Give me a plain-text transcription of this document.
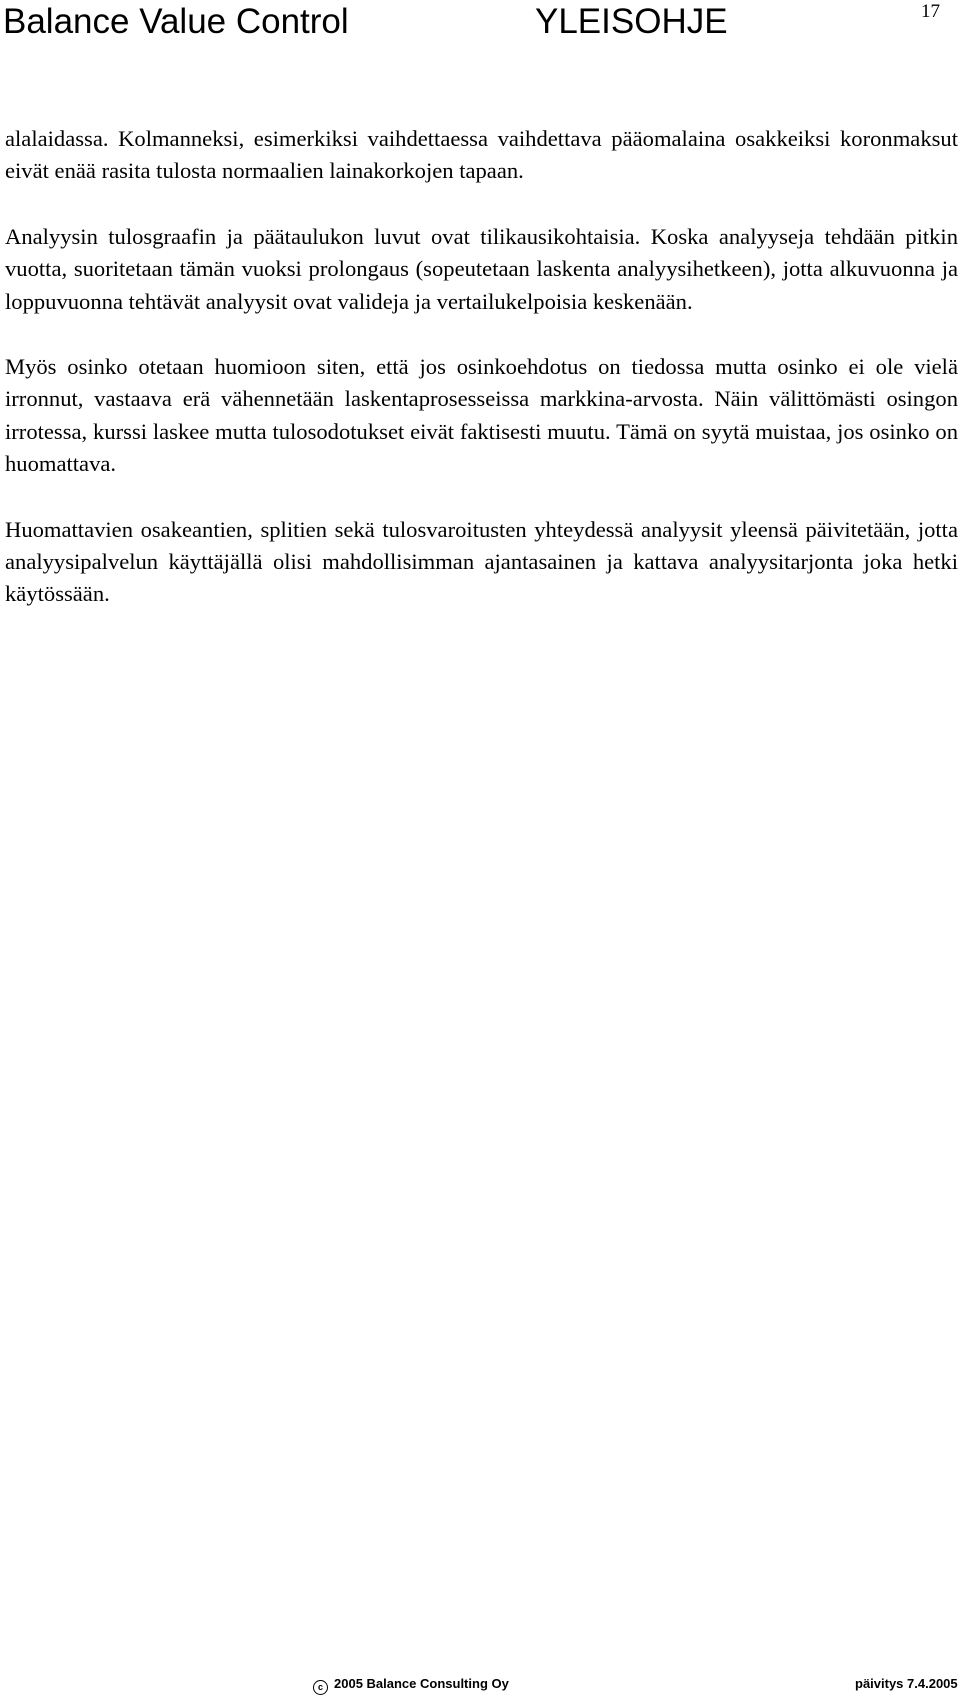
Balance Value Control	YLEISOHJE	17

alalaidassa. Kolmanneksi, esimerkiksi vaihdettaessa vaihdettava pääomalaina osakkeiksi koronmaksut eivät enää rasita tulosta normaalien lainakorkojen tapaan.

Analyysin tulosgraafin ja päätaulukon luvut ovat tilikausikohtaisia. Koska analyyseja tehdään pitkin vuotta, suoritetaan tämän vuoksi prolongaus (sopeutetaan laskenta analyysihetkeen), jotta alkuvuonna ja loppuvuonna tehtävät analyysit ovat valideja ja vertailukelpoisia keskenään.

Myös osinko otetaan huomioon siten, että jos osinkoehdotus on tiedossa mutta osinko ei ole vielä irronnut, vastaava erä vähennetään laskentaprosesseissa markkina-arvosta. Näin välittömästi osingon irrotessa, kurssi laskee mutta tulosodotukset eivät faktisesti muutu. Tämä on syytä muistaa, jos osinko on huomattava.

Huomattavien osakeantien, splitien sekä tulosvaroitusten yhteydessä analyysit yleensä päivitetään, jotta analyysipalvelun käyttäjällä olisi mahdollisimman ajantasainen ja kattava analyysitarjonta joka hetki käytössään.

c 2005 Balance Consulting Oy	päivitys 7.4.2005
